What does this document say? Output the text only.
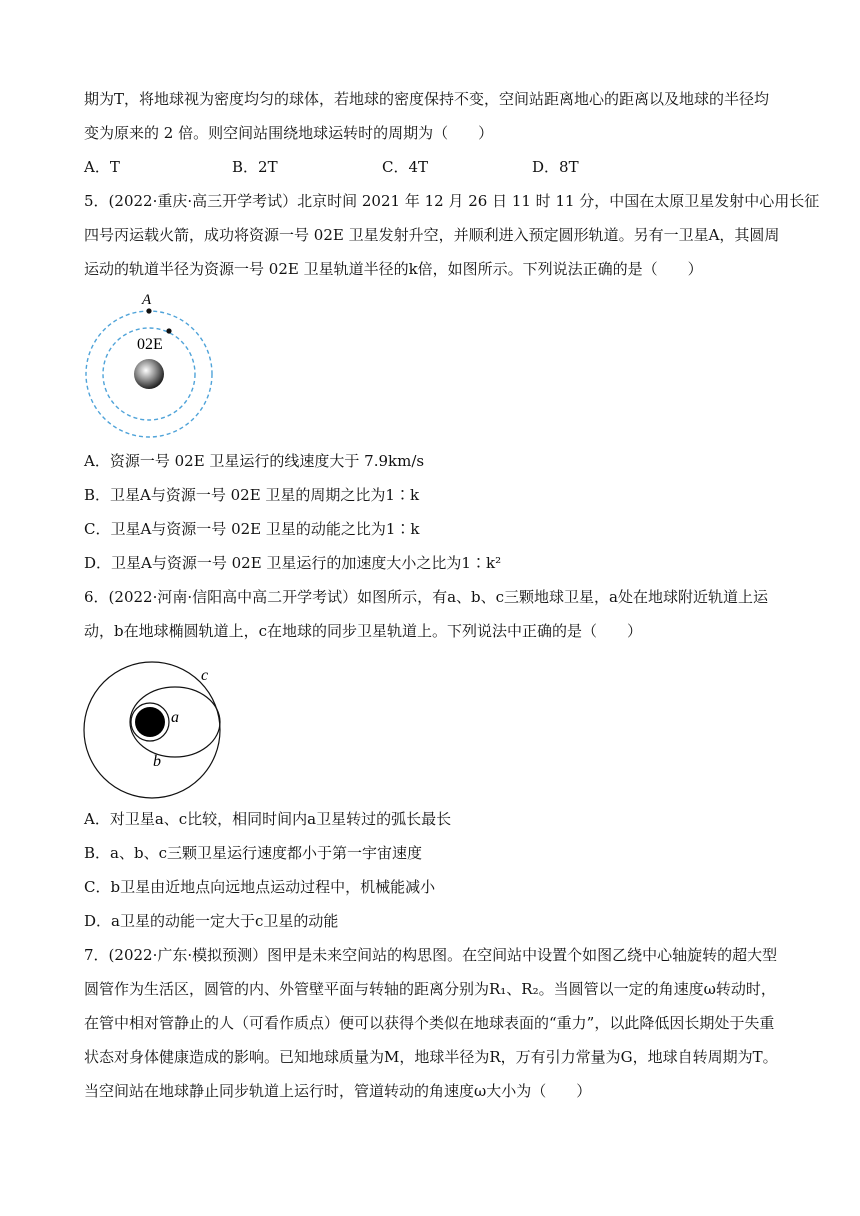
期为T，将地球视为密度均匀的球体，若地球的密度保持不变，空间站距离地心的距离以及地球的半径均
变为原来的 2 倍。则空间站围绕地球运转时的周期为（　　）
A．T	B．2T	C．4T	D．8T
5．(2022·重庆·高三开学考试）北京时间 2021 年 12 月 26 日 11 时 11 分，中国在太原卫星发射中心用长征
四号丙运载火箭，成功将资源一号 02E 卫星发射升空，并顺利进入预定圆形轨道。另有一卫星A，其圆周
运动的轨道半径为资源一号 02E 卫星轨道半径的k倍，如图所示。下列说法正确的是（　　）
A
02E
A．资源一号 02E 卫星运行的线速度大于 7.9km/s
B．卫星A与资源一号 02E 卫星的周期之比为1∶k
C．卫星A与资源一号 02E 卫星的动能之比为1∶k
D．卫星A与资源一号 02E 卫星运行的加速度大小之比为1∶k²
6．(2022·河南·信阳高中高二开学考试）如图所示，有a、b、c三颗地球卫星，a处在地球附近轨道上运
动，b在地球椭圆轨道上，c在地球的同步卫星轨道上。下列说法中正确的是（　　）
c
a
b
A．对卫星a、c比较，相同时间内a卫星转过的弧长最长
B．a、b、c三颗卫星运行速度都小于第一宇宙速度
C．b卫星由近地点向远地点运动过程中，机械能减小
D．a卫星的动能一定大于c卫星的动能
7．(2022·广东·模拟预测）图甲是未来空间站的构思图。在空间站中设置个如图乙绕中心轴旋转的超大型
圆管作为生活区，圆管的内、外管壁平面与转轴的距离分别为R₁、R₂。当圆管以一定的角速度ω转动时，
在管中相对管静止的人（可看作质点）便可以获得个类似在地球表面的“重力”，以此降低因长期处于失重
状态对身体健康造成的影响。已知地球质量为M，地球半径为R，万有引力常量为G，地球自转周期为T。
当空间站在地球静止同步轨道上运行时，管道转动的角速度ω大小为（　　）
